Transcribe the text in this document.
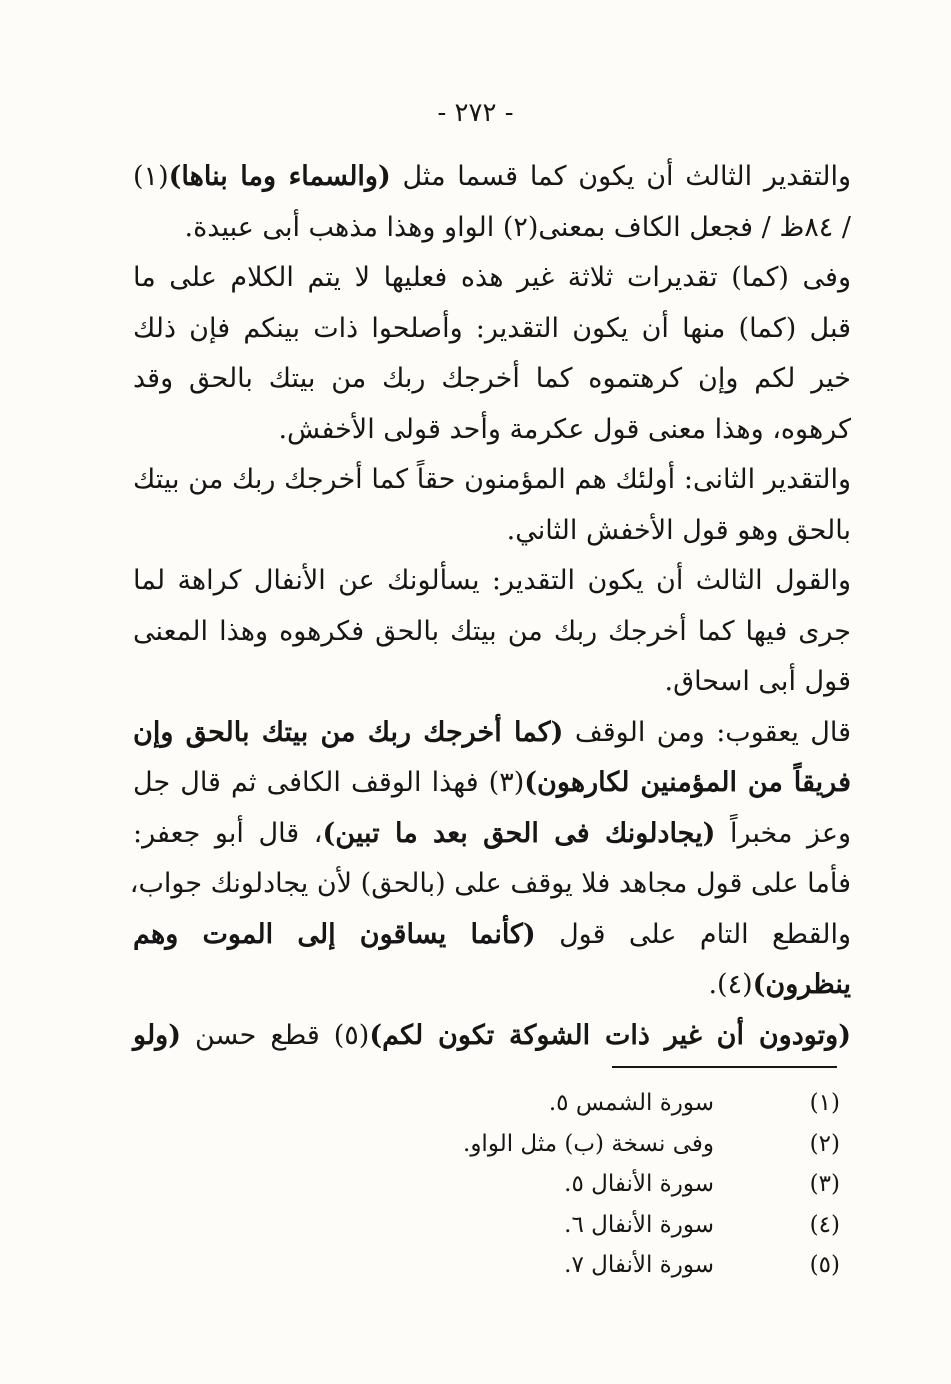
- ٢٧٢ -
والتقدير الثالث أن يكون كما قسما مثل (والسماء وما بناها)(١)
/ ٨٤ظ / فجعل الكاف بمعنى(٢) الواو وهذا مذهب أبى عبيدة.
وفى (كما) تقديرات ثلاثة غير هذه فعليها لا يتم الكلام على ما
قبل (كما) منها أن يكون التقدير: وأصلحوا ذات بينكم فإن ذلك
خير لكم وإن كرهتموه كما أخرجك ربك من بيتك بالحق وقد
كرهوه، وهذا معنى قول عكرمة وأحد قولى الأخفش.
والتقدير الثانى: أولئك هم المؤمنون حقاً كما أخرجك ربك من بيتك
بالحق وهو قول الأخفش الثاني.
والقول الثالث أن يكون التقدير: يسألونك عن الأنفال كراهة لما
جرى فيها كما أخرجك ربك من بيتك بالحق فكرهوه وهذا المعنى
قول أبى اسحاق.
قال يعقوب: ومن الوقف (كما أخرجك ربك من بيتك بالحق وإن
فريقاً من المؤمنين لكارهون)(٣) فهذا الوقف الكافى ثم قال جل
وعز مخبراً (يجادلونك فى الحق بعد ما تبين)، قال أبو جعفر:
فأما على قول مجاهد فلا يوقف على (بالحق) لأن يجادلونك جواب،
والقطع التام على قول (كأنما يساقون إلى الموت وهم
ينظرون)(٤).
(وتودون أن غير ذات الشوكة تكون لكم)(٥) قطع حسن (ولو
(١)
سورة الشمس ٥.
(٢)
وفى نسخة (ب) مثل الواو.
(٣)
سورة الأنفال ٥.
(٤)
سورة الأنفال ٦.
(٥)
سورة الأنفال ٧.
